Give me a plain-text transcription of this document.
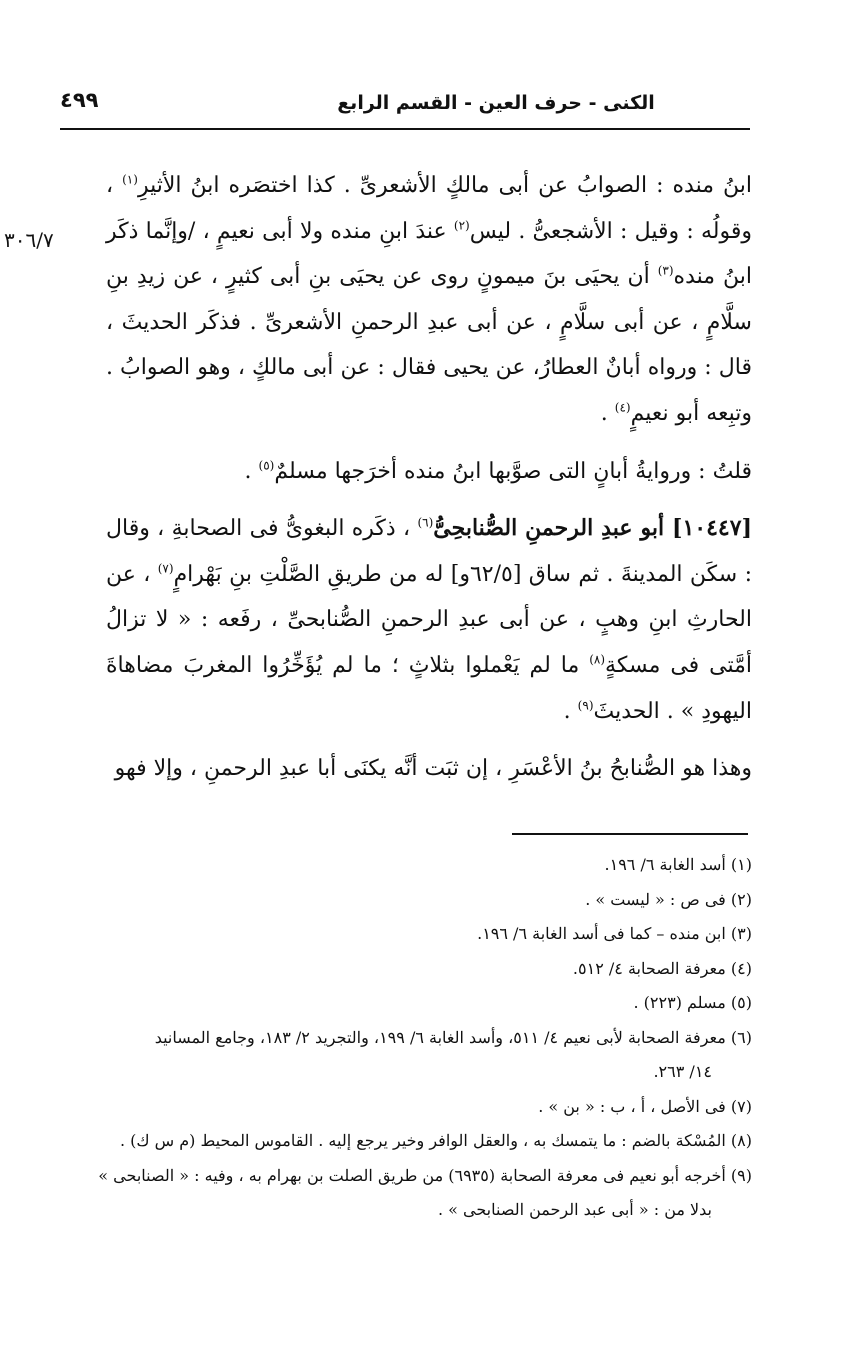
٤٩٩	الكنى - حرف العين - القسم الرابع
٣٠٦/٧

ابنُ منده : الصوابُ عن أبى مالكٍ الأشعرىِّ . كذا اختصَره ابنُ الأثيرِ$^{(١)}$ ، وقولُه : وقيل : الأشجعىُّ . ليس$^{(٢)}$ عندَ ابنِ منده ولا أبى نعيمٍ ، /وإنَّما ذكَر ابنُ منده$^{(٣)}$ أن يحيَى بنَ ميمونٍ روى عن يحيَى بنِ أبى كثيرٍ ، عن زيدِ بنِ سلَّامٍ ، عن أبى سلَّامٍ ، عن أبى عبدِ الرحمنِ الأشعرىِّ . فذكَر الحديثَ ، قال : ورواه أبانٌ العطارُ، عن يحيى فقال : عن أبى مالكٍ ، وهو الصوابُ . وتبِعه أبو نعيمٍ$^{(٤)}$ .

قلتُ : وروايةُ أبانٍ التى صوَّبها ابنُ منده أخرَجها مسلمٌ$^{(٥)}$ .

[١٠٤٤٧] أبو عبدِ الرحمنِ الصُّنابحِىُّ$^{(٦)}$ ، ذكَره البغوىُّ فى الصحابةِ ، وقال : سكَن المدينةَ . ثم ساق [٦٢/٥و] له من طريقِ الصَّلْتِ بنِ بَهْرامٍ$^{(٧)}$ ، عن الحارثِ ابنِ وهبٍ ، عن أبى عبدِ الرحمنِ الصُّنابحىِّ ، رفَعه : « لا تزالُ أمَّتى فى مسكةٍ$^{(٨)}$ ما لم يَعْملوا بثلاثٍ ؛ ما لم يُؤَخِّرُوا المغربَ مضاهاةَ اليهودِ » . الحديثَ$^{(٩)}$ .

وهذا هو الصُّنابحُ بنُ الأعْسَرِ ، إن ثبَت أنَّه يكنَى أبا عبدِ الرحمنِ ، وإلا فهو

(١) أسد الغابة ٦/ ١٩٦.
(٢) فى ص : « ليست » .
(٣) ابن منده – كما فى أسد الغابة ٦/ ١٩٦.
(٤) معرفة الصحابة ٤/ ٥١٢.
(٥) مسلم (٢٢٣) .
(٦) معرفة الصحابة لأبى نعيم ٤/ ٥١١، وأسد الغابة ٦/ ١٩٩، والتجريد ٢/ ١٨٣، وجامع المسانيد
١٤/ ٢٦٣.
(٧) فى الأصل ، أ ، ب : « بن » .
(٨) المُسْكة بالضم : ما يتمسك به ، والعقل الوافر وخير يرجع إليه . القاموس المحيط (م س ك) .
(٩) أخرجه أبو نعيم فى معرفة الصحابة (٦٩٣٥) من طريق الصلت بن بهرام به ، وفيه : « الصنابحى »
بدلا من : « أبى عبد الرحمن الصنابحى » .
